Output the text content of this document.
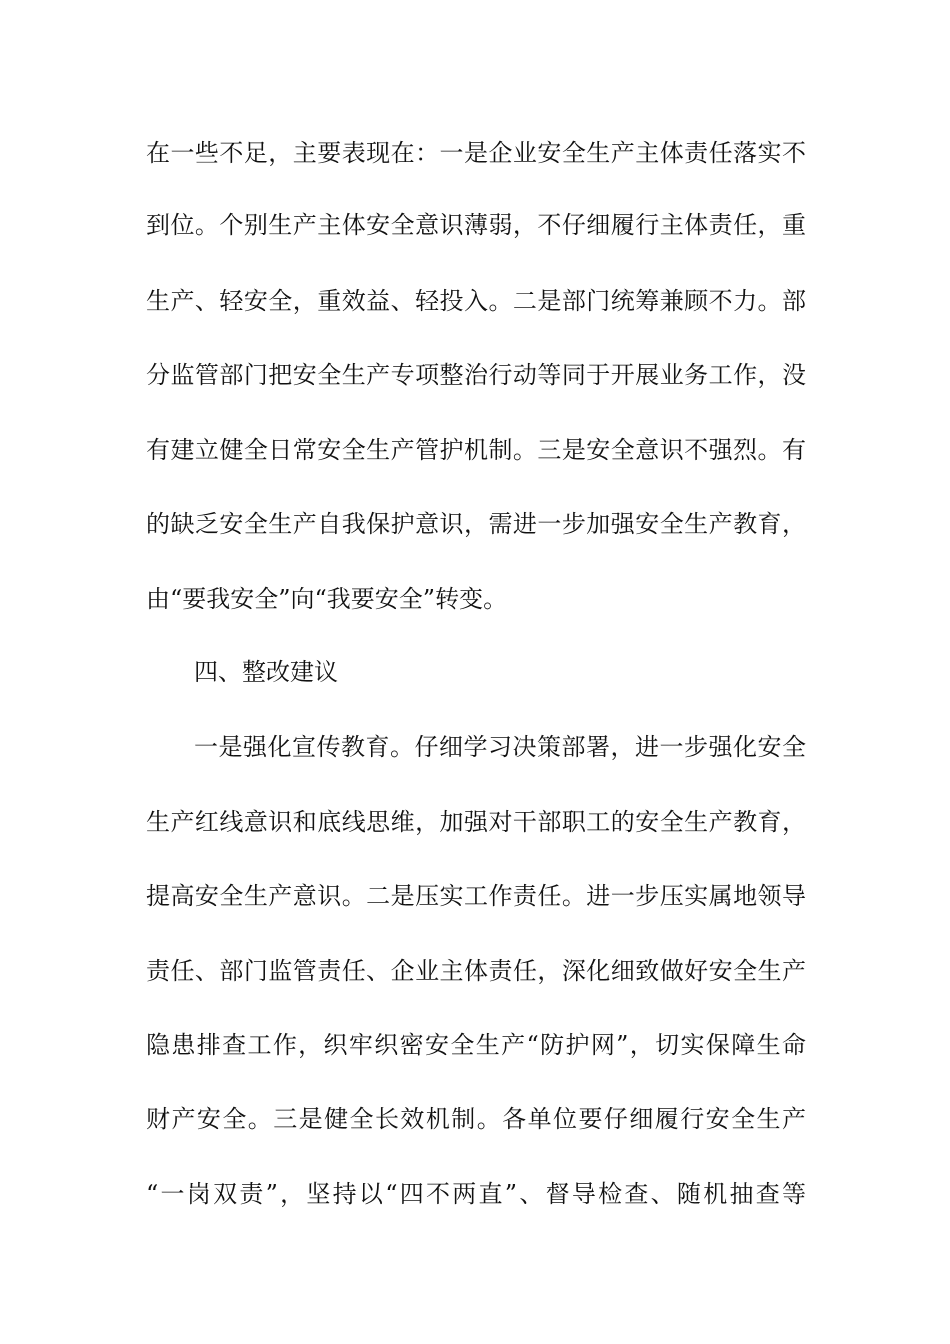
在一些不足，主要表现在：一是企业安全生产主体责任落实不
到位。个别生产主体安全意识薄弱，不仔细履行主体责任，重
生产、轻安全，重效益、轻投入。二是部门统筹兼顾不力。部
分监管部门把安全生产专项整治行动等同于开展业务工作，没
有建立健全日常安全生产管护机制。三是安全意识不强烈。有
的缺乏安全生产自我保护意识，需进一步加强安全生产教育，
由“要我安全”向“我要安全”转变。
四、整改建议
一是强化宣传教育。仔细学习决策部署，进一步强化安全
生产红线意识和底线思维，加强对干部职工的安全生产教育，
提高安全生产意识。二是压实工作责任。进一步压实属地领导
责任、部门监管责任、企业主体责任，深化细致做好安全生产
隐患排查工作，织牢织密安全生产“防护网”，切实保障生命
财产安全。三是健全长效机制。各单位要仔细履行安全生产
“一岗双责”，坚持以“四不两直”、督导检查、随机抽查等
